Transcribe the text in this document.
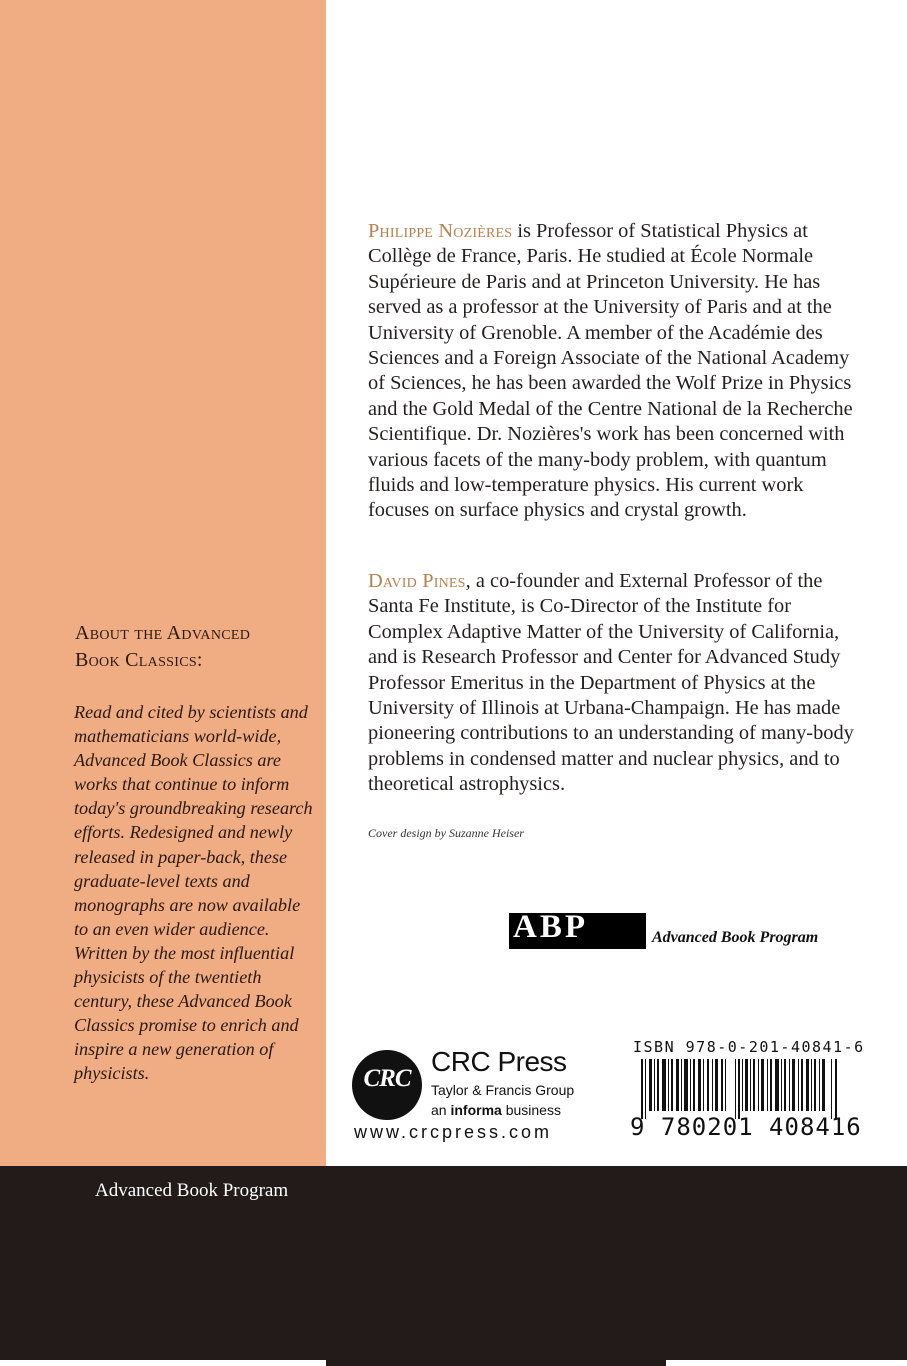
About the Advanced
Book Classics:
Read and cited by scientists and mathematicians world-wide, Advanced Book Classics are works that continue to inform today's groundbreaking research efforts. Redesigned and newly released in paper-back, these graduate-level texts and monographs are now available to an even wider audience. Written by the most influential physicists of the twentieth century, these Advanced Book Classics promise to enrich and inspire a new generation of physicists.
Advanced Book Program
Philippe Nozières is Professor of Statistical Physics at Collège de France, Paris. He studied at École Normale Supérieure de Paris and at Princeton University. He has served as a professor at the University of Paris and at the University of Grenoble. A member of the Académie des Sciences and a Foreign Associate of the National Academy of Sciences, he has been awarded the Wolf Prize in Physics and the Gold Medal of the Centre National de la Recherche Scientifique. Dr. Nozières's work has been concerned with various facets of the many-body problem, with quantum fluids and low-temperature physics. His current work focuses on surface physics and crystal growth.
David Pines, a co-founder and External Professor of the Santa Fe Institute, is Co-Director of the Institute for Complex Adaptive Matter of the University of California, and is Research Professor and Center for Advanced Study Professor Emeritus in the Department of Physics at the University of Illinois at Urbana-Champaign. He has made pioneering contributions to an understanding of many-body problems in condensed matter and nuclear physics, and to theoretical astrophysics.
Cover design by Suzanne Heiser
ABP	Advanced Book Program
CRC
CRC Press
Taylor & Francis Group
an informa business
www.crcpress.com
ISBN 978-0-201-40841-6
9 780201 408416
